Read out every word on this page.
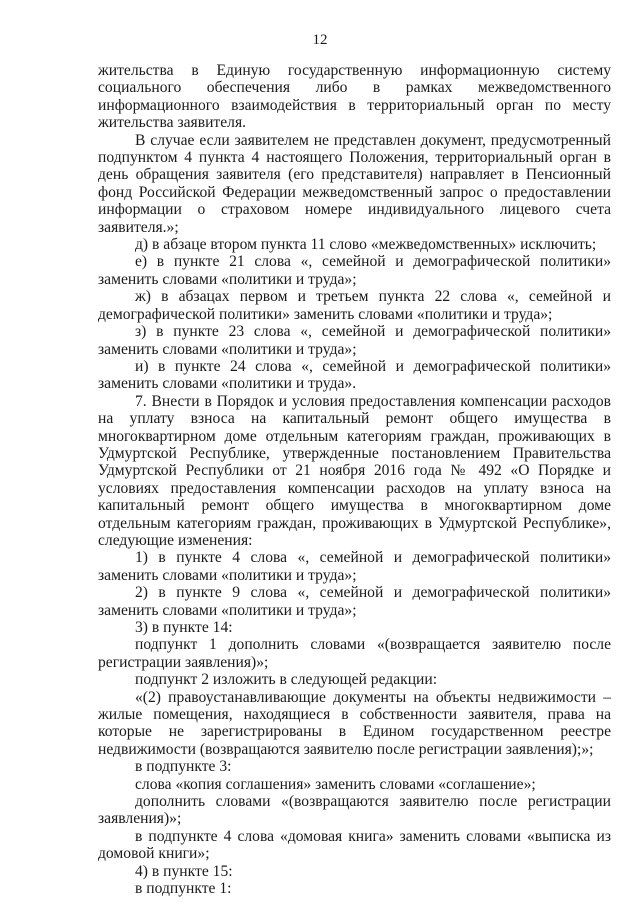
12

жительства в Единую государственную информационную систему социального обеспечения либо в рамках межведомственного информационного взаимодействия в территориальный орган по месту жительства заявителя.

В случае если заявителем не представлен документ, предусмотренный подпунктом 4 пункта 4 настоящего Положения, территориальный орган в день обращения заявителя (его представителя) направляет в Пенсионный фонд Российской Федерации межведомственный запрос о предоставлении информации о страховом номере индивидуального лицевого счета заявителя.»;

д) в абзаце втором пункта 11 слово «межведомственных» исключить;

е) в пункте 21 слова «, семейной и демографической политики» заменить словами «политики и труда»;

ж) в абзацах первом и третьем пункта 22 слова «, семейной и демографической политики» заменить словами «политики и труда»;

з) в пункте 23 слова «, семейной и демографической политики» заменить словами «политики и труда»;

и) в пункте 24 слова «, семейной и демографической политики» заменить словами «политики и труда».

7. Внести в Порядок и условия предоставления компенсации расходов на уплату взноса на капитальный ремонт общего имущества в многоквартирном доме отдельным категориям граждан, проживающих в Удмуртской Республике, утвержденные постановлением Правительства Удмуртской Республики от 21 ноября 2016 года № 492 «О Порядке и условиях предоставления компенсации расходов на уплату взноса на капитальный ремонт общего имущества в многоквартирном доме отдельным категориям граждан, проживающих в Удмуртской Республике», следующие изменения:

1) в пункте 4 слова «, семейной и демографической политики» заменить словами «политики и труда»;

2) в пункте 9 слова «, семейной и демографической политики» заменить словами «политики и труда»;

3) в пункте 14:

подпункт 1 дополнить словами «(возвращается заявителю после регистрации заявления)»;

подпункт 2 изложить в следующей редакции:

«(2) правоустанавливающие документы на объекты недвижимости – жилые помещения, находящиеся в собственности заявителя, права на которые не зарегистрированы в Едином государственном реестре недвижимости (возвращаются заявителю после регистрации заявления);»;

в подпункте 3:

слова «копия соглашения» заменить словами «соглашение»;

дополнить словами «(возвращаются заявителю после регистрации заявления)»;

в подпункте 4 слова «домовая книга» заменить словами «выписка из домовой книги»;

4) в пункте 15:

в подпункте 1:
